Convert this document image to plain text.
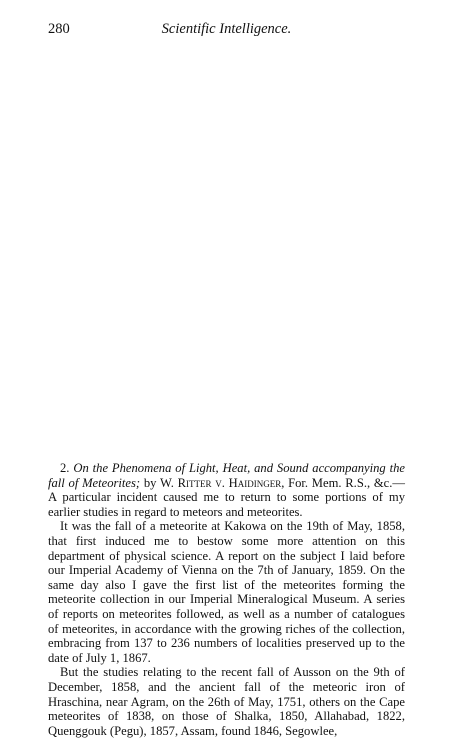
280	Scientific Intelligence.

2. On the Phenomena of Light, Heat, and Sound accompanying the fall of Meteorites; by W. Ritter v. Haidinger, For. Mem. R.S., &c.—A particular incident caused me to return to some portions of my earlier studies in regard to meteors and meteorites.

It was the fall of a meteorite at Kakowa on the 19th of May, 1858, that first induced me to bestow some more attention on this department of physical science. A report on the subject I laid before our Imperial Academy of Vienna on the 7th of January, 1859. On the same day also I gave the first list of the meteorites forming the meteorite collection in our Imperial Mineralogical Museum. A series of reports on meteorites followed, as well as a number of catalogues of meteorites, in accordance with the growing riches of the collection, embracing from 137 to 236 numbers of localities preserved up to the date of July 1, 1867.

But the studies relating to the recent fall of Ausson on the 9th of December, 1858, and the ancient fall of the meteoric iron of Hraschina, near Agram, on the 26th of May, 1751, others on the Cape meteorites of 1838, on those of Shalka, 1850, Allahabad, 1822, Quenggouk (Pegu), 1857, Assam, found 1846, Segowlee,
